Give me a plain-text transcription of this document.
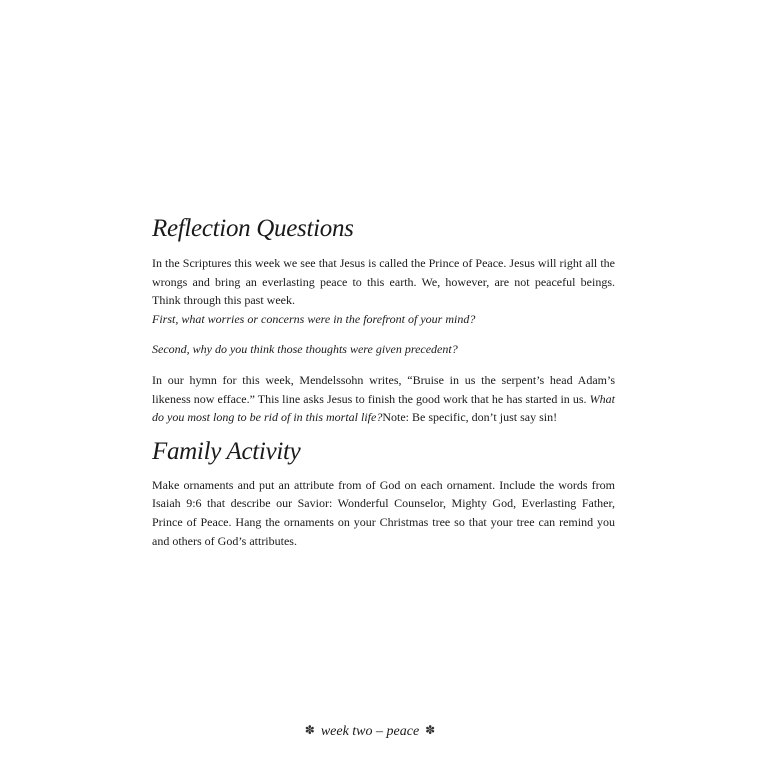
Reflection Questions

In the Scriptures this week we see that Jesus is called the Prince of Peace. Jesus will right all the wrongs and bring an everlasting peace to this earth. We, however, are not peaceful beings. Think through this past week.
First, what worries or concerns were in the forefront of your mind?

Second, why do you think those thoughts were given precedent?

In our hymn for this week, Mendelssohn writes, “Bruise in us the serpent’s head Adam’s likeness now efface.” This line asks Jesus to finish the good work that he has started in us. What do you most long to be rid of in this mortal life?Note: Be specific, don’t just say sin!

Family Activity

Make ornaments and put an attribute from of God on each ornament. Include the words from Isaiah 9:6 that describe our Savior: Wonderful Counselor, Mighty God, Everlasting Father, Prince of Peace. Hang the ornaments on your Christmas tree so that your tree can remind you and others of God’s attributes.

✽ week two – peace ✽
